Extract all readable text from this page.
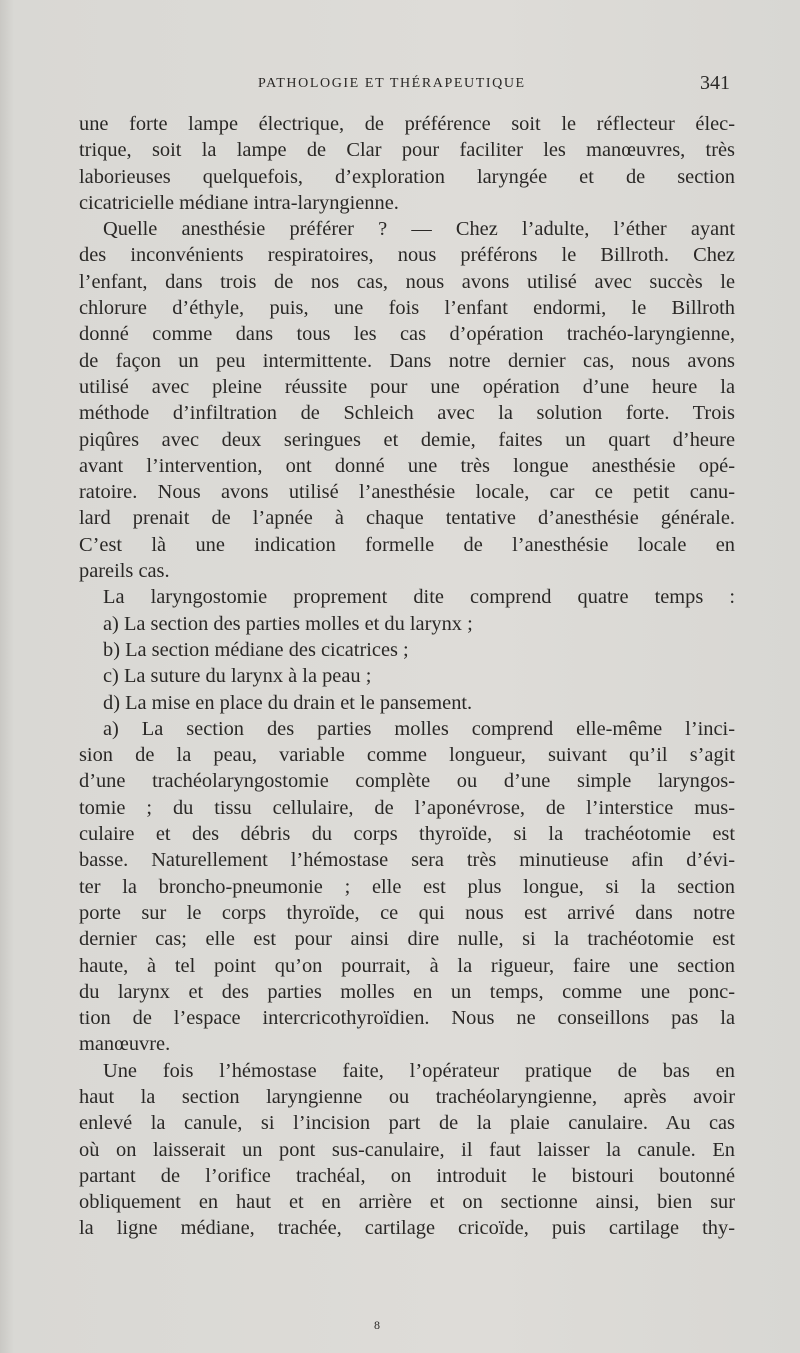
PATHOLOGIE ET THÉRAPEUTIQUE	341
une forte lampe électrique, de préférence soit le réflecteur élec-
trique, soit la lampe de Clar pour faciliter les manœuvres, très
laborieuses quelquefois, d’exploration laryngée et de section
cicatricielle médiane intra-laryngienne.
Quelle anesthésie préférer ? — Chez l’adulte, l’éther ayant
des inconvénients respiratoires, nous préférons le Billroth. Chez
l’enfant, dans trois de nos cas, nous avons utilisé avec succès le
chlorure d’éthyle, puis, une fois l’enfant endormi, le Billroth
donné comme dans tous les cas d’opération trachéo-laryngienne,
de façon un peu intermittente. Dans notre dernier cas, nous avons
utilisé avec pleine réussite pour une opération d’une heure la
méthode d’infiltration de Schleich avec la solution forte. Trois
piqûres avec deux seringues et demie, faites un quart d’heure
avant l’intervention, ont donné une très longue anesthésie opé-
ratoire. Nous avons utilisé l’anesthésie locale, car ce petit canu-
lard prenait de l’apnée à chaque tentative d’anesthésie générale.
C’est là une indication formelle de l’anesthésie locale en
pareils cas.
La laryngostomie proprement dite comprend quatre temps :
a) La section des parties molles et du larynx ;
b) La section médiane des cicatrices ;
c) La suture du larynx à la peau ;
d) La mise en place du drain et le pansement.
a) La section des parties molles comprend elle-même l’inci-
sion de la peau, variable comme longueur, suivant qu’il s’agit
d’une trachéolaryngostomie complète ou d’une simple laryngos-
tomie ; du tissu cellulaire, de l’aponévrose, de l’interstice mus-
culaire et des débris du corps thyroïde, si la trachéotomie est
basse. Naturellement l’hémostase sera très minutieuse afin d’évi-
ter la broncho-pneumonie ; elle est plus longue, si la section
porte sur le corps thyroïde, ce qui nous est arrivé dans notre
dernier cas; elle est pour ainsi dire nulle, si la trachéotomie est
haute, à tel point qu’on pourrait, à la rigueur, faire une section
du larynx et des parties molles en un temps, comme une ponc-
tion de l’espace intercricothyroïdien. Nous ne conseillons pas la
manœuvre.
Une fois l’hémostase faite, l’opérateur pratique de bas en
haut la section laryngienne ou trachéolaryngienne, après avoir
enlevé la canule, si l’incision part de la plaie canulaire. Au cas
où on laisserait un pont sus-canulaire, il faut laisser la canule. En
partant de l’orifice trachéal, on introduit le bistouri boutonné
obliquement en haut et en arrière et on sectionne ainsi, bien sur
la ligne médiane, trachée, cartilage cricoïde, puis cartilage thy-
8
